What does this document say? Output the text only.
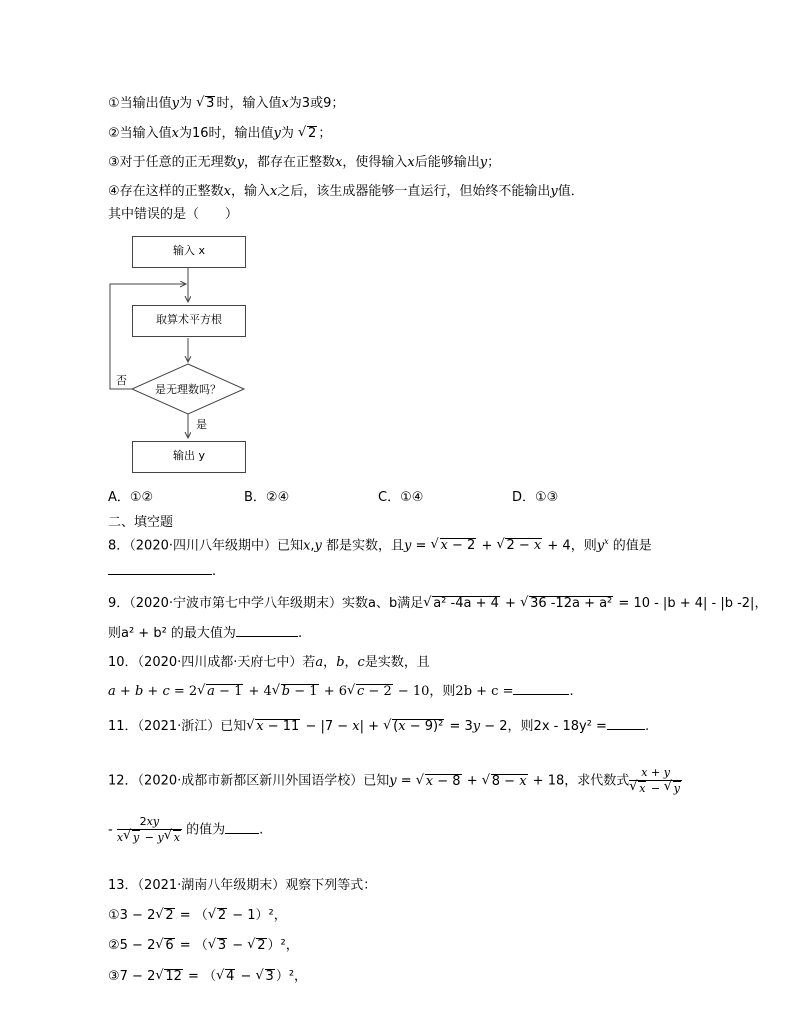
①当输出值y为 √ 3 时，输入值x为3或9；
②当输入值x为16时，输出值y为 √ 2 ；
③对于任意的正无理数y，都存在正整数x，使得输入x后能够输出y；
④存在这样的正整数x，输入x之后，该生成器能够一直运行，但始终不能输出y值．
其中错误的是（　　）
输入 x
取算术平方根
是无理数吗？
否
是
输出 y
A．①②	B．②④	C．①④	D．①③
二、填空题
8．（2020·四川八年级期中）已知x,y 都是实数，且y = √ x − 2 + √ 2 − x + 4，则$y^x$ 的值是
.
9．（2020·宁波市第七中学八年级期末）实数a、b满足 √ a² -4a + 4 + √ 36 -12a + a² = 10 - |b + 4| - |b -2|，
则a² + b² 的最大值为	.
10．（2020·四川成都·天府七中）若a，b，c是实数，且
a + b + c = 2 √ a − 1 + 4 √ b − 1 + 6 √ c − 2 − 10，则2b + c =	.
11．（2021·浙江）已知 √ x − 11 − |7 − x| + √ (x − 9)² = 3y − 2，则2x - 18y² =	.
12．（2020·成都市新都区新川外国语学校）已知y = √ x − 8 + √ 8 − x + 18，求代数式 x + y
√ x − √ y
- $\frac{2xy}{x √ y - y √ x}$ 的值为	.
13．（2021·湖南八年级期末）观察下列等式：
①3 − 2 √ 2 = （ √ 2 − 1）²，
②5 − 2 √ 6 = （ √ 3 − √ 2 ）²，
③7 − 2 √ 12 = （ √ 4 − √ 3 ）²，
